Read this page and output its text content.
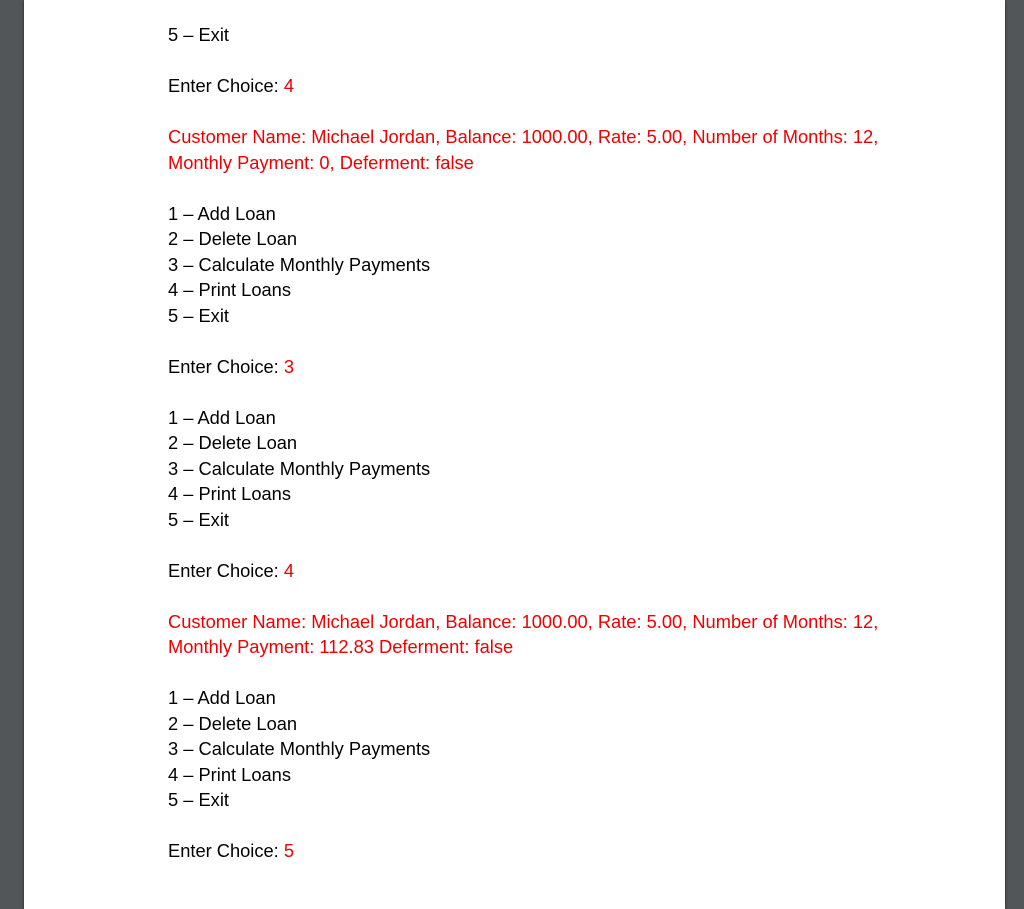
5 – Exit
Enter Choice: 4
Customer Name: Michael Jordan, Balance: 1000.00, Rate: 5.00, Number of Months: 12, Monthly Payment: 0, Deferment: false
1 – Add Loan
2 – Delete Loan
3 – Calculate Monthly Payments
4 – Print Loans
5 – Exit
Enter Choice: 3
1 – Add Loan
2 – Delete Loan
3 – Calculate Monthly Payments
4 – Print Loans
5 – Exit
Enter Choice: 4
Customer Name: Michael Jordan, Balance: 1000.00, Rate: 5.00, Number of Months: 12, Monthly Payment: 112.83 Deferment: false
1 – Add Loan
2 – Delete Loan
3 – Calculate Monthly Payments
4 – Print Loans
5 – Exit
Enter Choice: 5
